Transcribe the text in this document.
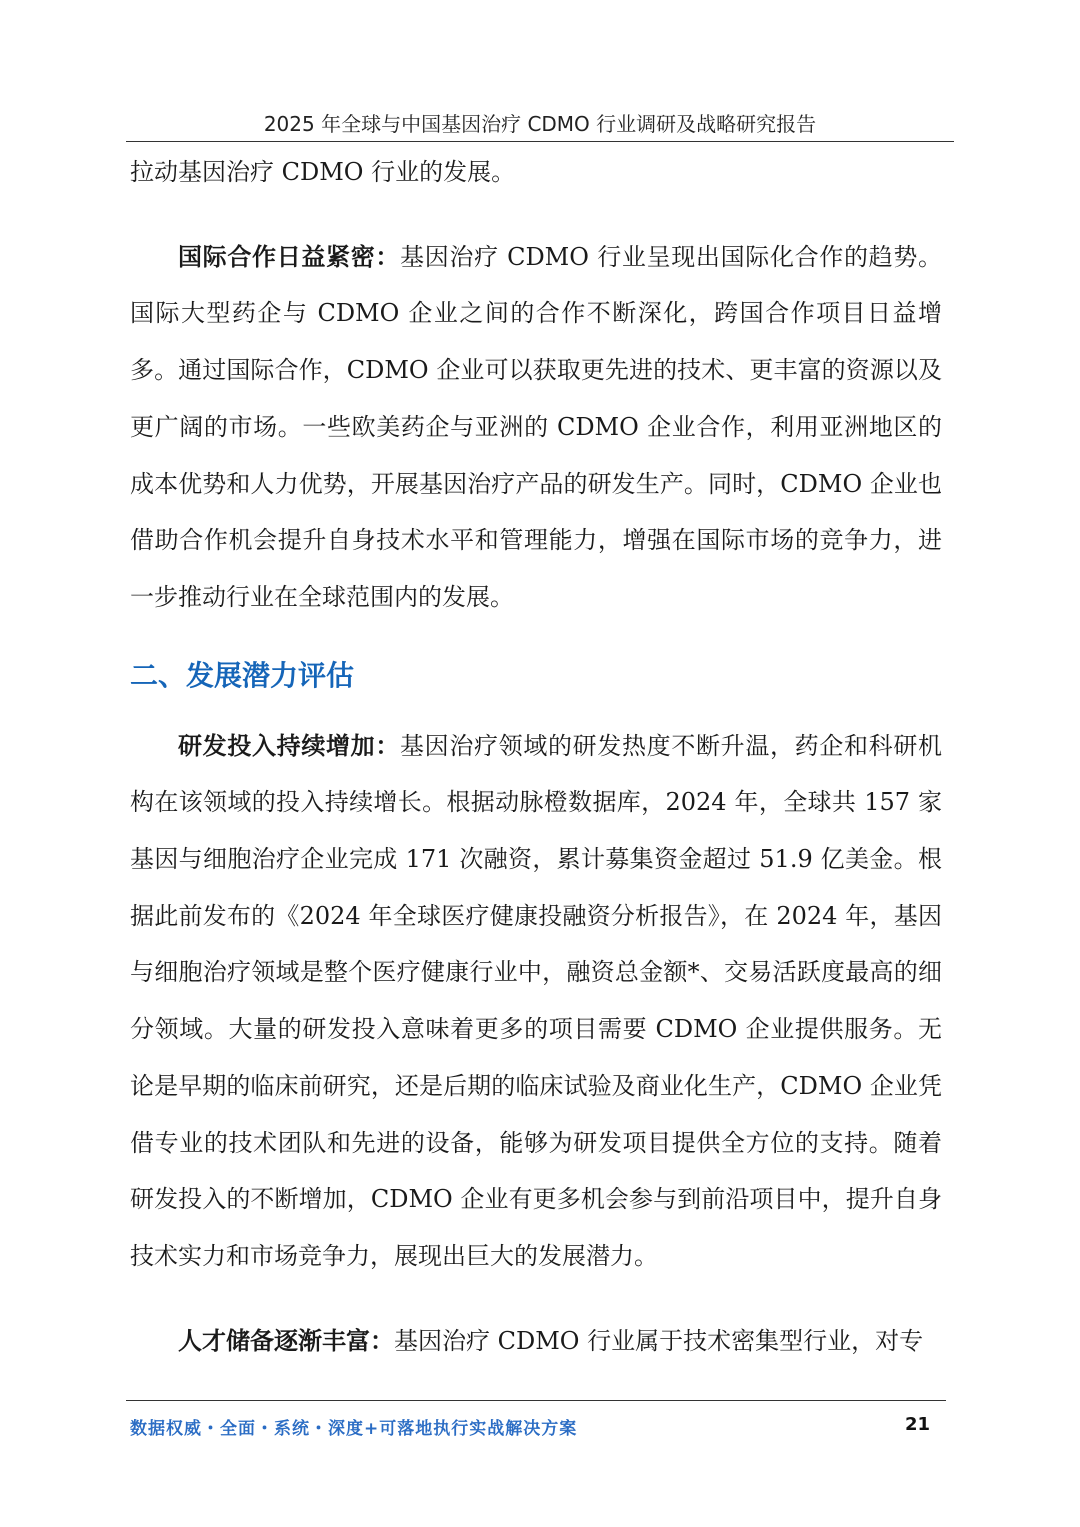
2025 年全球与中国基因治疗 CDMO 行业调研及战略研究报告

拉动基因治疗 CDMO 行业的发展。

国际合作日益紧密：基因治疗 CDMO 行业呈现出国际化合作的趋势。国际大型药企与 CDMO 企业之间的合作不断深化，跨国合作项目日益增多。通过国际合作，CDMO 企业可以获取更先进的技术、更丰富的资源以及更广阔的市场。一些欧美药企与亚洲的 CDMO 企业合作，利用亚洲地区的成本优势和人力优势，开展基因治疗产品的研发生产。同时，CDMO 企业也借助合作机会提升自身技术水平和管理能力，增强在国际市场的竞争力，进一步推动行业在全球范围内的发展。

二、发展潜力评估

研发投入持续增加：基因治疗领域的研发热度不断升温，药企和科研机构在该领域的投入持续增长。根据动脉橙数据库，2024 年，全球共 157 家基因与细胞治疗企业完成 171 次融资，累计募集资金超过 51.9 亿美金。根据此前发布的《2024 年全球医疗健康投融资分析报告》，在 2024 年，基因与细胞治疗领域是整个医疗健康行业中，融资总金额*、交易活跃度最高的细分领域。大量的研发投入意味着更多的项目需要 CDMO 企业提供服务。无论是早期的临床前研究，还是后期的临床试验及商业化生产，CDMO 企业凭借专业的技术团队和先进的设备，能够为研发项目提供全方位的支持。随着研发投入的不断增加，CDMO 企业有更多机会参与到前沿项目中，提升自身技术实力和市场竞争力，展现出巨大的发展潜力。

人才储备逐渐丰富：基因治疗 CDMO 行业属于技术密集型行业，对专

数据权威・全面・系统・深度+可落地执行实战解决方案	21
